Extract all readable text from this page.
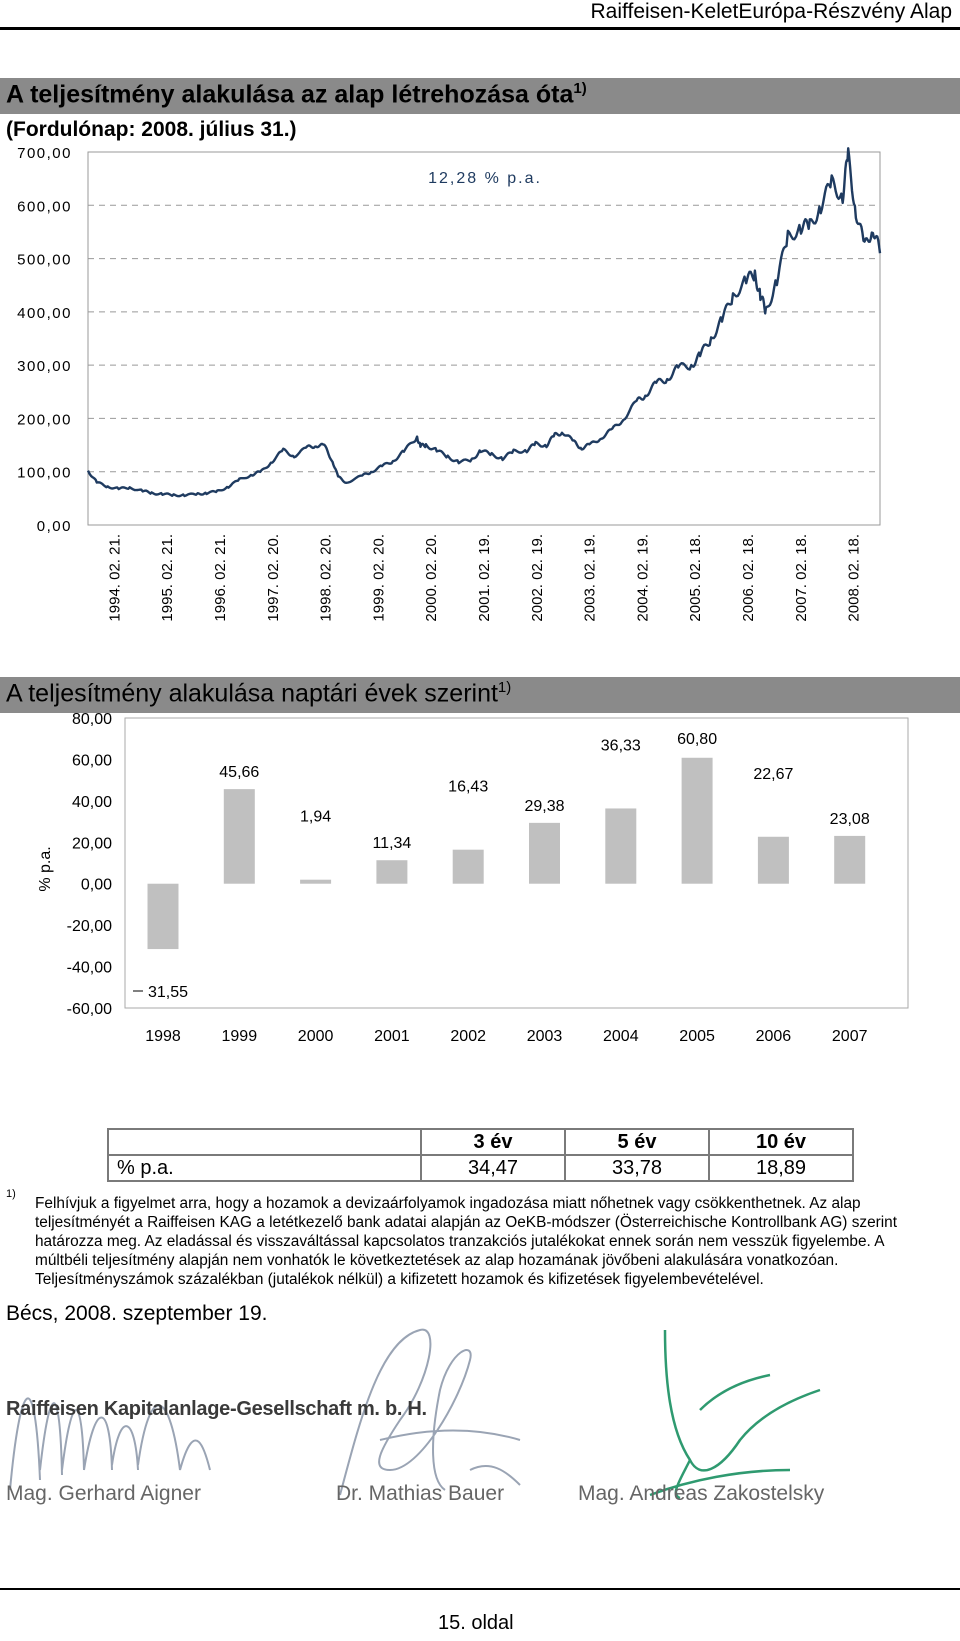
Raiffeisen-KeletEurópa-Részvény Alap
A teljesítmény alakulása az alap létrehozása óta$^{1)}$
(Fordulónap: 2008. július 31.)
0,00
100,00
200,00
300,00
400,00
500,00
600,00
700,00
1994. 02. 21. 1995. 02. 21. 1996. 02. 21. 1997. 02. 20. 1998. 02. 20. 1999. 02. 20. 2000. 02. 20. 2001. 02. 19. 2002. 02. 19. 2003. 02. 19. 2004. 02. 19. 2005. 02. 18. 2006. 02. 18. 2007. 02. 18. 2008. 02. 18.
12,28 % p.a.
A teljesítmény alakulása naptári évek szerint$^{1)}$
80,00
60,00
40,00
20,00
0,00
-20,00
-40,00
-60,00
% p.a.
1998
31,55
1999
45,66
2000
1,94
2001
11,34
2002
16,43
2003
29,38
2004
36,33
2005
60,80
2006
22,67
2007
23,08
	3 év	5 év	10 év
% p.a.	34,47	33,78	18,89
1)
Felhívjuk a figyelmet arra, hogy a hozamok a devizaárfolyamok ingadozása miatt nőhetnek vagy csökkenthetnek. Az alap teljesítményét a Raiffeisen KAG a letétkezelő bank adatai alapján az OeKB-módszer (Österreichische Kontrollbank AG) szerint határozza meg. Az eladással és visszaváltással kapcsolatos tranzakciós jutalékokat ennek során nem vesszük figyelembe. A múltbéli teljesítmény alapján nem vonhatók le következtetések az alap hozamának jövőbeni alakulására vonatkozóan. Teljesítményszámok százalékban (jutalékok nélkül) a kifizetett hozamok és kifizetések figyelembevételével.
Bécs, 2008. szeptember 19.
Raiffeisen Kapitalanlage-Gesellschaft m. b. H.
Mag. Gerhard Aigner	Dr. Mathias Bauer	Mag. Andreas Zakostelsky
15. oldal
